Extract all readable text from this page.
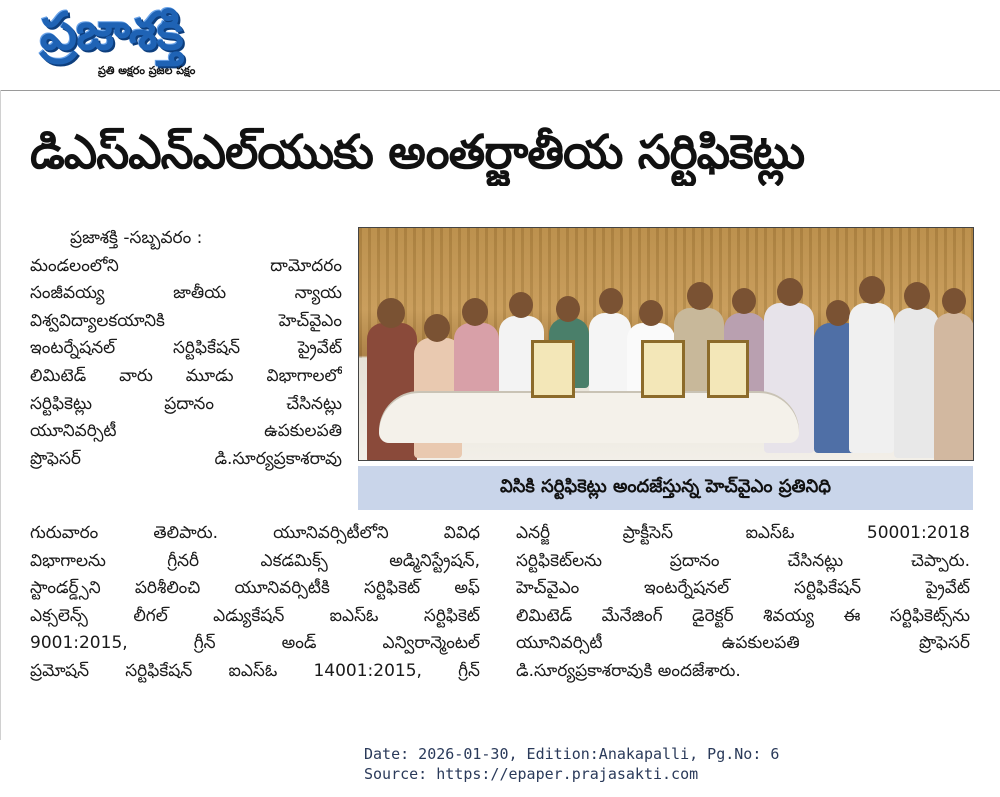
ప్రజాశక్తి
ప్రతి అక్షరం ప్రజల పక్షం
డిఎస్ఎన్ఎల్‌యుకు అంతర్జాతీయ సర్టిఫికెట్లు
ప్రజాశక్తి -సబ్బవరం :
మండలంలోని దామోదరం
సంజీవయ్య జాతీయ న్యాయ
విశ్వవిద్యాలకయానికి హెచ్‌వైఎం
ఇంటర్నేషనల్ సర్టిఫికేషన్ ప్రైవేట్
లిమిటెడ్ వారు మూడు విభాగాలలో
సర్టిఫికెట్లు ప్రదానం చేసినట్లు
యూనివర్సిటీ ఉపకులపతి
ప్రొఫెసర్ డి.సూర్యప్రకాశరావు
విసికి సర్టిఫికెట్లు అందజేస్తున్న హెచ్‌వైఎం ప్రతినిధి
గురువారం తెలిపారు. యూనివర్సిటీలోని వివిధ
విభాగాలను గ్రీనరీ ఎకడమిక్స్ అడ్మినిస్ట్రేషన్,
స్టాండర్డ్స్‌ని పరిశీలించి యూనివర్సిటీకి సర్టిఫికెట్ అఫ్
ఎక్సలెన్స్ లీగల్ ఎడ్యుకేషన్ ఐఎస్ఓ సర్టిఫికెట్
9001:2015, గ్రీన్ అండ్ ఎన్విరాన్మెంటల్
ప్రమోషన్ సర్టిఫికేషన్ ఐఎస్ఓ 14001:2015, గ్రీన్
ఎనర్జీ ప్రాక్టీసెస్ ఐఎస్ఓ 50001:2018
సర్టిఫికెట్‌లను ప్రదానం చేసినట్లు చెప్పారు.
హెచ్‌వైఎం ఇంటర్నేషనల్ సర్టిఫికేషన్ ప్రైవేట్
లిమిటెడ్ మేనేజింగ్ డైరెక్టర్ శివయ్య ఈ సర్టిఫికెట్స్‌ను
యూనివర్సిటీ ఉపకులపతి ప్రొఫెసర్
డి.సూర్యప్రకాశరావుకి అందజేశారు.
Date: 2026-01-30, Edition:Anakapalli, Pg.No: 6
Source: https://epaper.prajasakti.com
